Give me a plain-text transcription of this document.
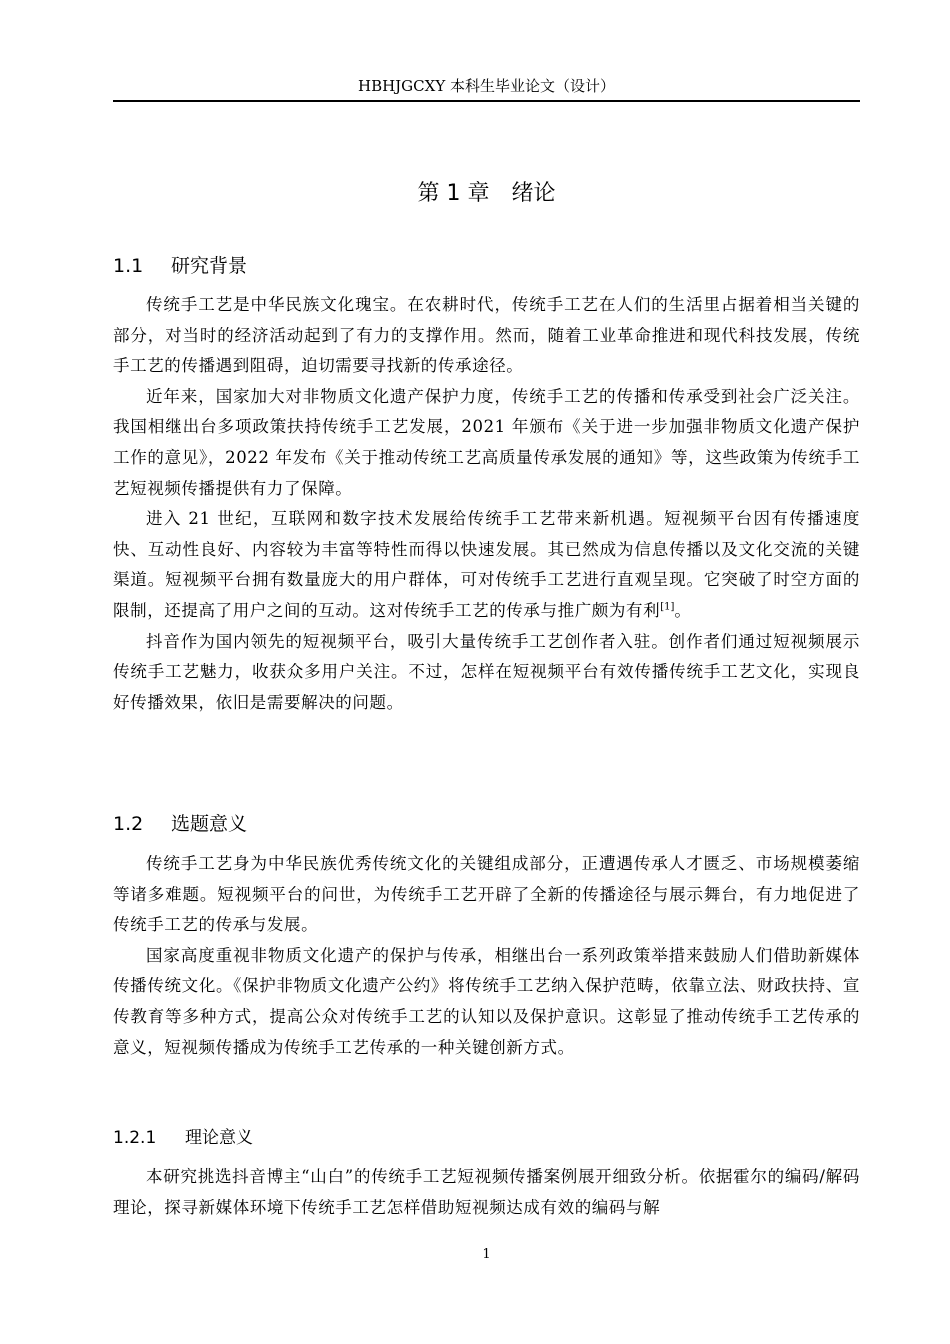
HBHJGCXY 本科生毕业论文（设计）
第 1 章 绪论
1.1 研究背景

传统手工艺是中华民族文化瑰宝。在农耕时代，传统手工艺在人们的生活里占据着相当关键的部分，对当时的经济活动起到了有力的支撑作用。然而，随着工业革命推进和现代科技发展，传统手工艺的传播遇到阻碍，迫切需要寻找新的传承途径。

近年来，国家加大对非物质文化遗产保护力度，传统手工艺的传播和传承受到社会广泛关注。我国相继出台多项政策扶持传统手工艺发展，2021 年颁布《关于进一步加强非物质文化遗产保护工作的意见》，2022 年发布《关于推动传统工艺高质量传承发展的通知》等，这些政策为传统手工艺短视频传播提供有力了保障。

进入 21 世纪，互联网和数字技术发展给传统手工艺带来新机遇。短视频平台因有传播速度快、互动性良好、内容较为丰富等特性而得以快速发展。其已然成为信息传播以及文化交流的关键渠道。短视频平台拥有数量庞大的用户群体，可对传统手工艺进行直观呈现。它突破了时空方面的限制，还提高了用户之间的互动。这对传统手工艺的传承与推广颇为有利[1]。

抖音作为国内领先的短视频平台，吸引大量传统手工艺创作者入驻。创作者们通过短视频展示传统手工艺魅力，收获众多用户关注。不过，怎样在短视频平台有效传播传统手工艺文化，实现良好传播效果，依旧是需要解决的问题。

1.2 选题意义

传统手工艺身为中华民族优秀传统文化的关键组成部分，正遭遇传承人才匮乏、市场规模萎缩等诸多难题。短视频平台的问世，为传统手工艺开辟了全新的传播途径与展示舞台，有力地促进了传统手工艺的传承与发展。

国家高度重视非物质文化遗产的保护与传承，相继出台一系列政策举措来鼓励人们借助新媒体传播传统文化。《保护非物质文化遗产公约》将传统手工艺纳入保护范畴，依靠立法、财政扶持、宣传教育等多种方式，提高公众对传统手工艺的认知以及保护意识。这彰显了推动传统手工艺传承的意义，短视频传播成为传统手工艺传承的一种关键创新方式。

1.2.1 理论意义

本研究挑选抖音博主“山白”的传统手工艺短视频传播案例展开细致分析。依据霍尔的编码/解码理论，探寻新媒体环境下传统手工艺怎样借助短视频达成有效的编码与解

1
